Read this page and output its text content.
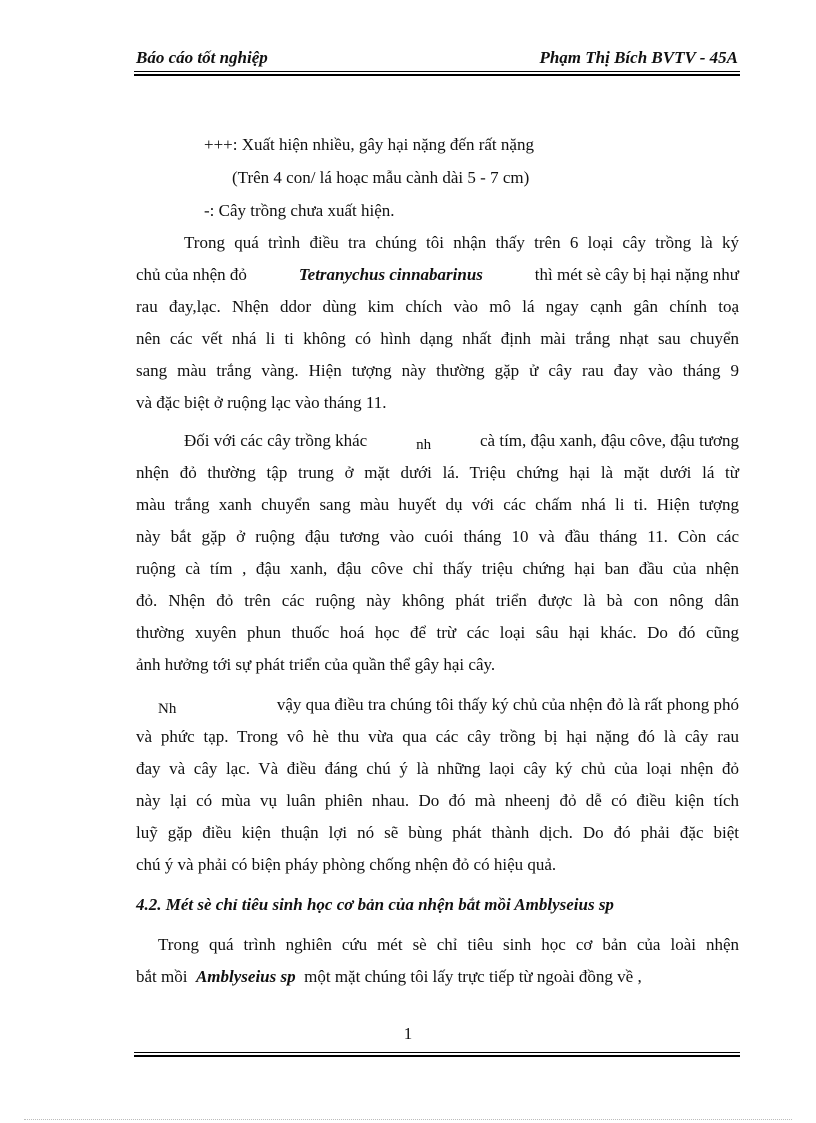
Báo cáo tốt nghiệp	Phạm Thị Bích BVTV - 45A
+++: Xuất hiện nhiều, gây hại nặng đến rất nặng
(Trên 4 con/ lá hoạc mẫu cành dài 5 - 7 cm)
-: Cây trồng chưa xuất hiện.
Trong quá trình điều tra chúng tôi nhận thấy trên 6 loại cây trồng là ký
chủ của nhện đỏ	Tetranychus cinnabarinus	thì mét sè cây bị hại nặng như
rau đay,lạc. Nhện ddor dùng kim chích vào mô lá ngay cạnh gân chính toạ
nên các vết nhá li ti không có hình dạng nhất định mài trắng nhạt sau chuyển
sang màu trắng vàng. Hiện tượng này thường gặp ử cây rau đay vào tháng 9
và đặc biệt ở ruộng lạc vào tháng 11.
Đối với các cây trồng khác	nh	cà tím, đậu xanh, đậu côve, đậu tương
nhện đỏ thường tập trung ở mặt dưới lá. Triệu chứng hại là mặt dưới lá từ
màu trắng xanh chuyển sang màu huyết dụ với các chấm nhá li ti. Hiện tượng
này bắt gặp ở ruộng đậu tương vào cuói tháng 10 và đầu tháng 11. Còn các
ruộng cà tím , đậu xanh, đậu côve chỉ thấy triệu chứng hại ban đầu của nhện
đỏ. Nhện đỏ trên các ruộng này không phát triển được là bà con nông dân
thường xuyên phun thuốc hoá học để trừ các loại sâu hại khác. Do đó cũng
ảnh hưởng tới sự phát triển của quần thể gây hại cây.
Nh	vậy qua điều tra chúng tôi thấy ký chủ của nhện đỏ là rất phong phó
và phức tạp. Trong vô hè thu vừa qua các cây trồng bị hại nặng đó là cây rau
đay và cây lạc. Và điều đáng chú ý là những laọi cây ký chủ của loại nhện đỏ
này lại có mùa vụ luân phiên nhau. Do đó mà nheenj đỏ dễ có điều kiện tích
luỹ gặp điều kiện thuận lợi nó sẽ bùng phát thành dịch. Do đó phải đặc biệt
chú ý và phải có biện pháy phòng chống nhện đỏ có hiệu quả.
4.2. Mét sè chỉ tiêu sinh học cơ bản của nhện bắt mồi Amblyseius sp
Trong quá trình nghiên cứu mét sè chỉ tiêu sinh học cơ bản của loài nhện
bắt mồi Amblyseius sp một mặt chúng tôi lấy trực tiếp từ ngoài đồng về ,
1
